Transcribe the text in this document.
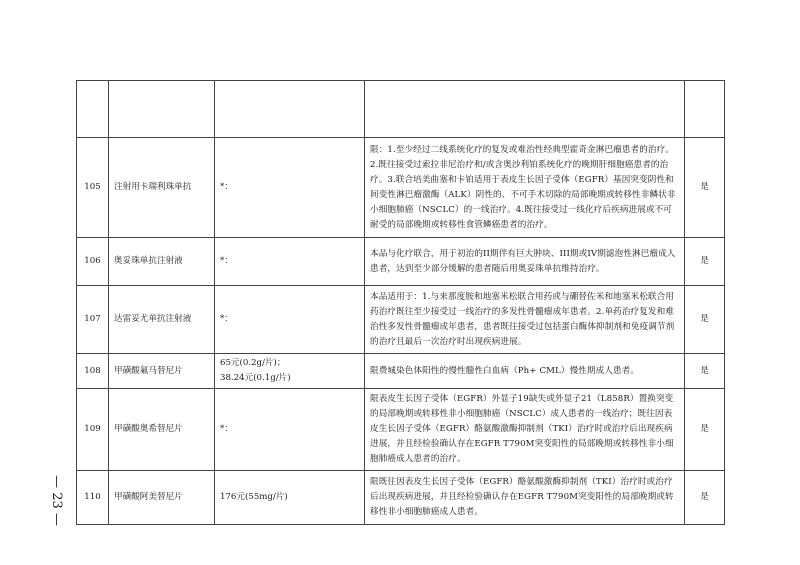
105	注射用卡瑞利珠单抗	*：	限：1.至少经过二线系统化疗的复发或难治性经典型霍奇金淋巴瘤患者的治疗。2.既往接受过索拉非尼治疗和/或含奥沙利铂系统化疗的晚期肝细胞癌患者的治疗。3.联合培美曲塞和卡铂适用于表皮生长因子受体（EGFR）基因突变阴性和间变性淋巴瘤激酶（ALK）阴性的、不可手术切除的局部晚期或转移性非鳞状非小细胞肺癌（NSCLC）的一线治疗。4.既往接受过一线化疗后疾病进展或不可耐受的局部晚期或转移性食管鳞癌患者的治疗。	是
106	奥妥珠单抗注射液	*：	本品与化疗联合，用于初治的II期伴有巨大肿块、III期或IV期滤泡性淋巴瘤成人患者，达到至少部分缓解的患者随后用奥妥珠单抗维持治疗。	是
107	达雷妥尤单抗注射液	*：	本品适用于：1.与来那度胺和地塞米松联合用药或与硼替佐米和地塞米松联合用药治疗既往至少接受过一线治疗的多发性骨髓瘤成年患者。2.单药治疗复发和难治性多发性骨髓瘤成年患者，患者既往接受过包括蛋白酶体抑制剂和免疫调节剂的治疗且最后一次治疗时出现疾病进展。	是
108	甲磺酸氟马替尼片	65元(0.2g/片)；
38.24元(0.1g/片)	限费城染色体阳性的慢性髓性白血病（Ph+ CML）慢性期成人患者。	是
109	甲磺酸奥希替尼片	*：	限表皮生长因子受体（EGFR）外显子19缺失或外显子21（L858R）置换突变的局部晚期或转移性非小细胞肺癌（NSCLC）成人患者的一线治疗；既往因表皮生长因子受体（EGFR）酪氨酸激酶抑制剂（TKI）治疗时或治疗后出现疾病进展，并且经检验确认存在EGFR T790M突变阳性的局部晚期或转移性非小细胞肺癌成人患者的治疗。	是
110	甲磺酸阿美替尼片	176元(55mg/片)	限既往因表皮生长因子受体（EGFR）酪氨酸激酶抑制剂（TKI）治疗时或治疗后出现疾病进展，并且经检验确认存在EGFR T790M突变阳性的局部晚期或转移性非小细胞肺癌成人患者。	是
— 23 —
